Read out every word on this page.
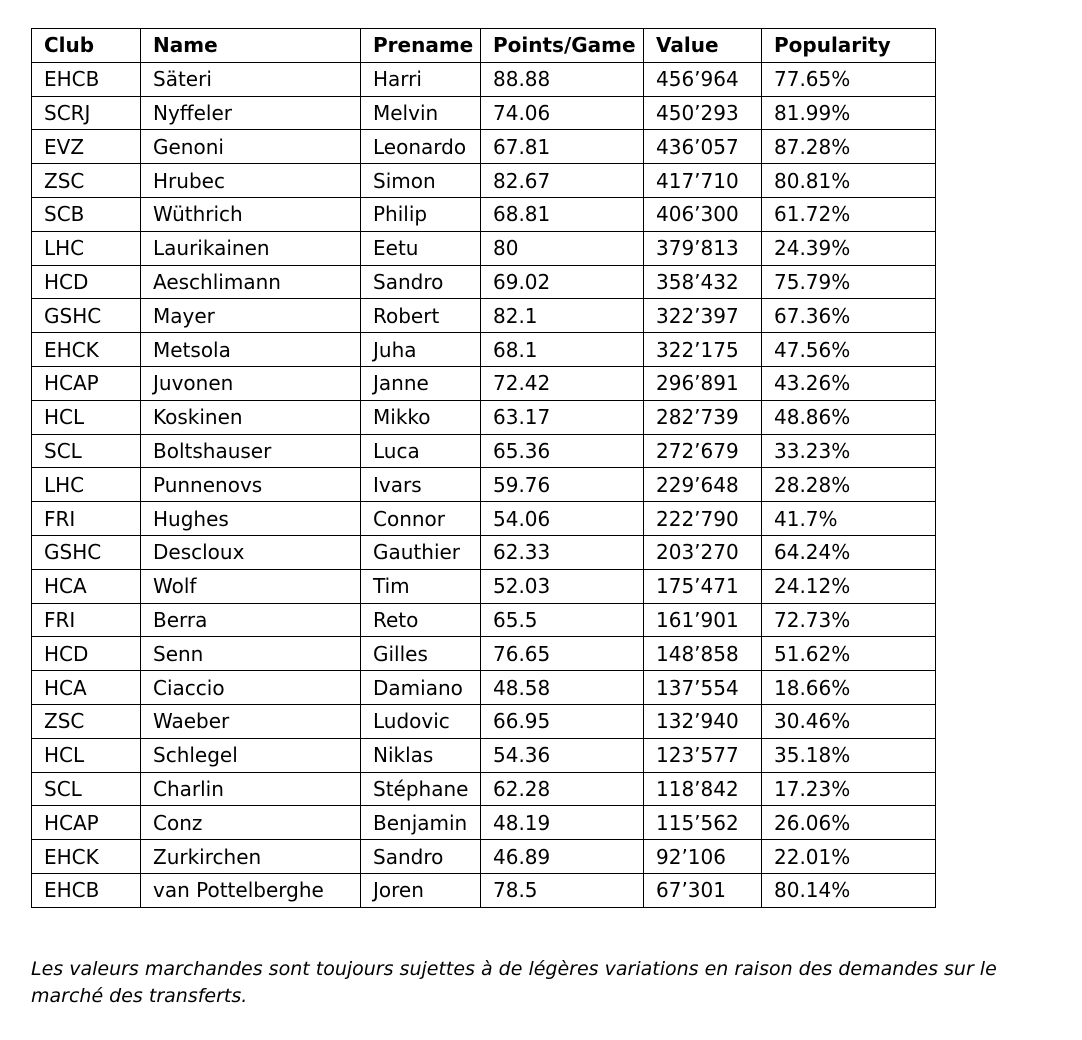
Club	Name	Prename	Points/Game	Value	Popularity
EHCB	Säteri	Harri	88.88	456’964	77.65%
SCRJ	Nyffeler	Melvin	74.06	450’293	81.99%
EVZ	Genoni	Leonardo	67.81	436’057	87.28%
ZSC	Hrubec	Simon	82.67	417’710	80.81%
SCB	Wüthrich	Philip	68.81	406’300	61.72%
LHC	Laurikainen	Eetu	80	379’813	24.39%
HCD	Aeschlimann	Sandro	69.02	358’432	75.79%
GSHC	Mayer	Robert	82.1	322’397	67.36%
EHCK	Metsola	Juha	68.1	322’175	47.56%
HCAP	Juvonen	Janne	72.42	296’891	43.26%
HCL	Koskinen	Mikko	63.17	282’739	48.86%
SCL	Boltshauser	Luca	65.36	272’679	33.23%
LHC	Punnenovs	Ivars	59.76	229’648	28.28%
FRI	Hughes	Connor	54.06	222’790	41.7%
GSHC	Descloux	Gauthier	62.33	203’270	64.24%
HCA	Wolf	Tim	52.03	175’471	24.12%
FRI	Berra	Reto	65.5	161’901	72.73%
HCD	Senn	Gilles	76.65	148’858	51.62%
HCA	Ciaccio	Damiano	48.58	137’554	18.66%
ZSC	Waeber	Ludovic	66.95	132’940	30.46%
HCL	Schlegel	Niklas	54.36	123’577	35.18%
SCL	Charlin	Stéphane	62.28	118’842	17.23%
HCAP	Conz	Benjamin	48.19	115’562	26.06%
EHCK	Zurkirchen	Sandro	46.89	92’106	22.01%
EHCB	van Pottelberghe	Joren	78.5	67’301	80.14%

Les valeurs marchandes sont toujours sujettes à de légères variations en raison des demandes sur le marché des transferts.
